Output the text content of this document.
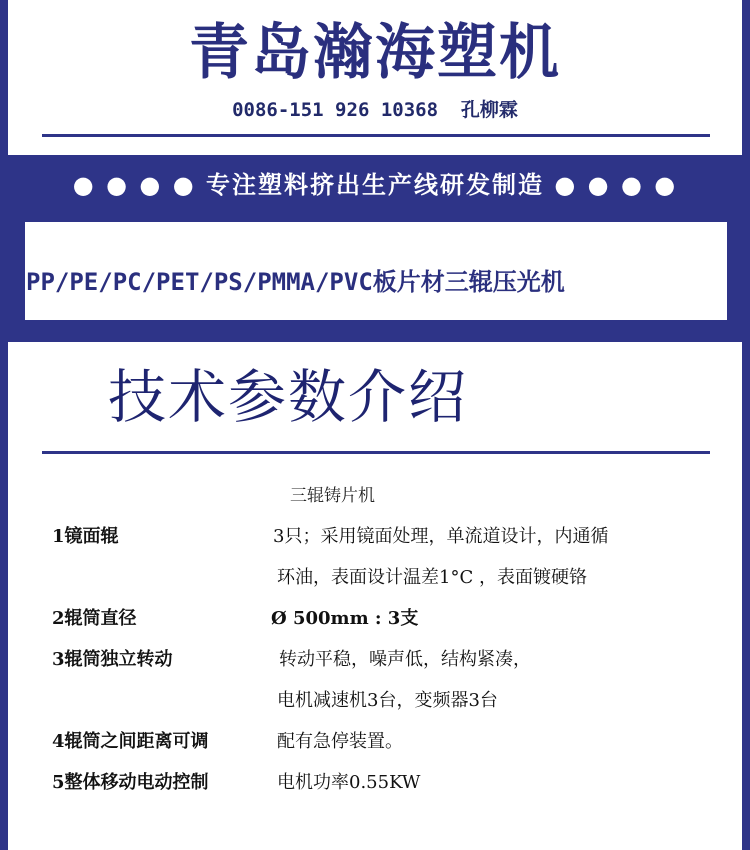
青岛瀚海塑机
0086-151 926 10368  孔柳霖
● ● ● ● 专注塑料挤出生产线研发制造 ● ● ● ●
PP/PE/PC/PET/PS/PMMA/PVC板片材三辊压光机
技术参数介绍
三辊铸片机
1镜面辊	3只；采用镜面处理，单流道设计，内通循
环油，表面设计温差1°C ，表面镀硬铬
2辊筒直径	Ø 500mm : 3支
3辊筒独立转动	转动平稳，噪声低，结构紧凑，
电机减速机3台，变频器3台
4辊筒之间距离可调	配有急停装置。
5整体移动电动控制	电机功率0.55KW
